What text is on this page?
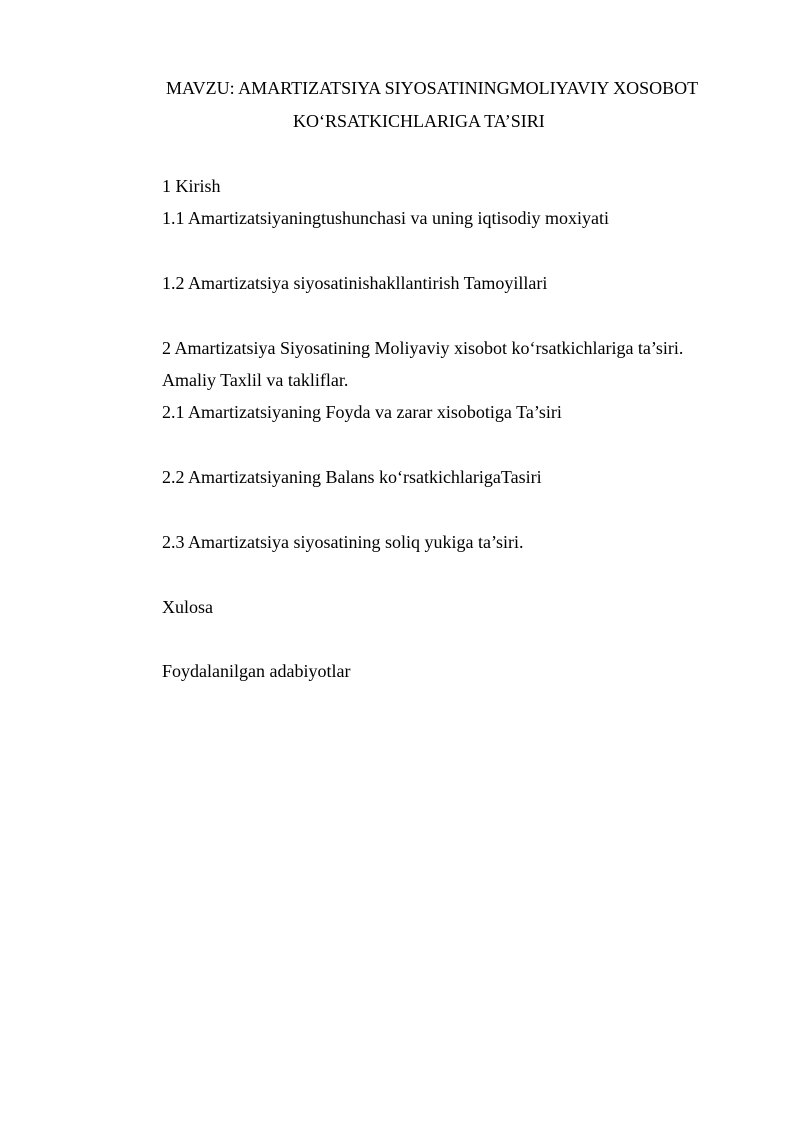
MAVZU: AMARTIZATSIYA SIYOSATININGMOLIYAVIY XOSOBOT
KO‘RSATKICHLARIGA TA’SIRI
1 Kirish
1.1 Amartizatsiyaningtushunchasi va uning iqtisodiy moxiyati
1.2 Amartizatsiya siyosatinishakllantirish Tamoyillari
2 Amartizatsiya Siyosatining Moliyaviy xisobot ko‘rsatkichlariga ta’siri.
Amaliy Taxlil va takliflar.
2.1 Amartizatsiyaning Foyda va zarar xisobotiga Ta’siri
2.2 Amartizatsiyaning Balans ko‘rsatkichlarigaTasiri
2.3 Amartizatsiya siyosatining soliq yukiga ta’siri.
Xulosa
Foydalanilgan adabiyotlar
